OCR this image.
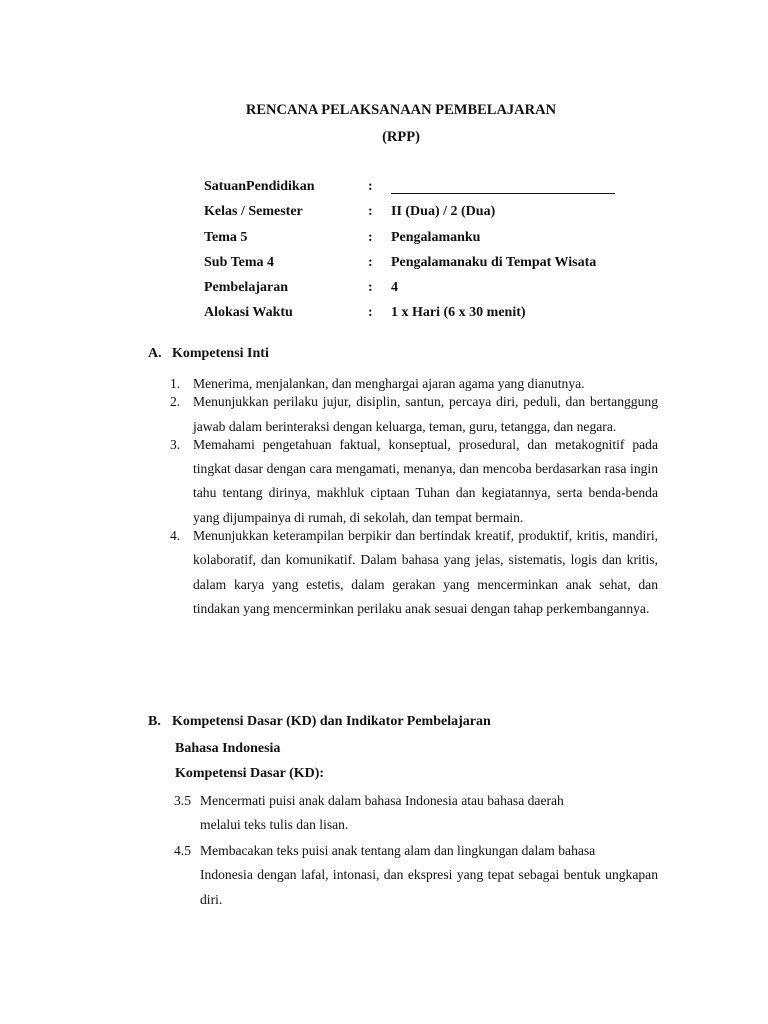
RENCANA PELAKSANAAN PEMBELAJARAN
(RPP)
SatuanPendidikan	:
Kelas / Semester	: II (Dua) / 2 (Dua)
Tema 5	: Pengalamanku
Sub Tema 4	: Pengalamanaku di Tempat Wisata
Pembelajaran	: 4
Alokasi Waktu	: 1 x Hari (6 x 30 menit)
A. Kompetensi Inti
1. Menerima, menjalankan, dan menghargai ajaran agama yang dianutnya.
2. Menunjukkan perilaku jujur, disiplin, santun, percaya diri, peduli, dan bertanggung jawab dalam berinteraksi dengan keluarga, teman, guru, tetangga, dan negara.
3. Memahami pengetahuan faktual, konseptual, prosedural, dan metakognitif pada tingkat dasar dengan cara mengamati, menanya, dan mencoba berdasarkan rasa ingin tahu tentang dirinya, makhluk ciptaan Tuhan dan kegiatannya, serta benda-benda yang dijumpainya di rumah, di sekolah, dan tempat bermain.
4. Menunjukkan keterampilan berpikir dan bertindak kreatif, produktif, kritis, mandiri, kolaboratif, dan komunikatif. Dalam bahasa yang jelas, sistematis, logis dan kritis, dalam karya yang estetis, dalam gerakan yang mencerminkan anak sehat, dan tindakan yang mencerminkan perilaku anak sesuai dengan tahap perkembangannya.
B. Kompetensi Dasar (KD) dan Indikator Pembelajaran
Bahasa Indonesia
Kompetensi Dasar (KD):
3.5 Mencermati puisi anak dalam bahasa Indonesia atau bahasa daerah
melalui teks tulis dan lisan.
4.5 Membacakan teks puisi anak tentang alam dan lingkungan dalam bahasa
Indonesia dengan lafal, intonasi, dan ekspresi yang tepat sebagai bentuk ungkapan diri.
